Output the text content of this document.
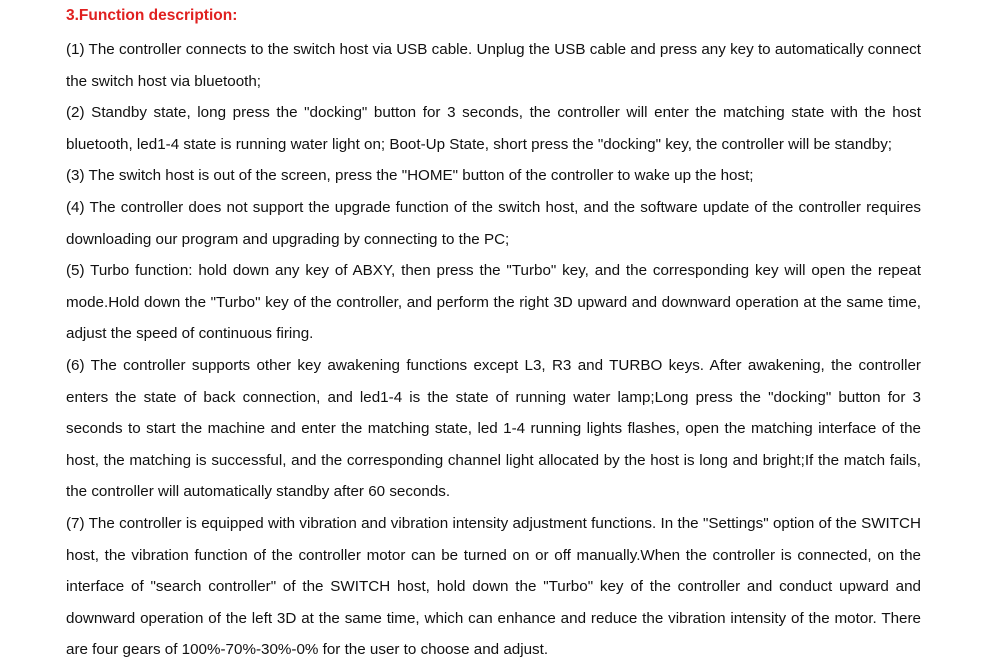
3.Function description:

(1) The controller connects to the switch host via USB cable. Unplug the USB cable and press any key to automatically connect the switch host via bluetooth;

(2) Standby state, long press the "docking" button for 3 seconds, the controller will enter the matching state with the host bluetooth, led1-4 state is running water light on; Boot-Up State, short press the "docking" key, the controller will be standby;

(3) The switch host is out of the screen, press the "HOME" button of the controller to wake up the host;

(4) The controller does not support the upgrade function of the switch host, and the software update of the controller requires downloading our program and upgrading by connecting to the PC;

(5) Turbo function: hold down any key of ABXY, then press the "Turbo" key, and the corresponding key will open the repeat mode.Hold down the "Turbo" key of the controller, and perform the right 3D upward and downward operation at the same time, adjust the speed of continuous firing.

(6) The controller supports other key awakening functions except L3, R3 and TURBO keys. After awakening, the controller enters the state of back connection, and led1-4 is the state of running water lamp;Long press the "docking" button for 3 seconds to start the machine and enter the matching state, led 1-4 running lights flashes, open the matching interface of the host, the matching is successful, and the corresponding channel light allocated by the host is long and bright;If the match fails, the controller will automatically standby after 60 seconds.

(7) The controller is equipped with vibration and vibration intensity adjustment functions. In the "Settings" option of the SWITCH host, the vibration function of the controller motor can be turned on or off manually.When the controller is connected, on the interface of "search controller" of the SWITCH host, hold down the "Turbo" key of the controller and conduct upward and downward operation of the left 3D at the same time, which can enhance and reduce the vibration intensity of the motor. There are four gears of 100%-70%-30%-0% for the user to choose and adjust.
